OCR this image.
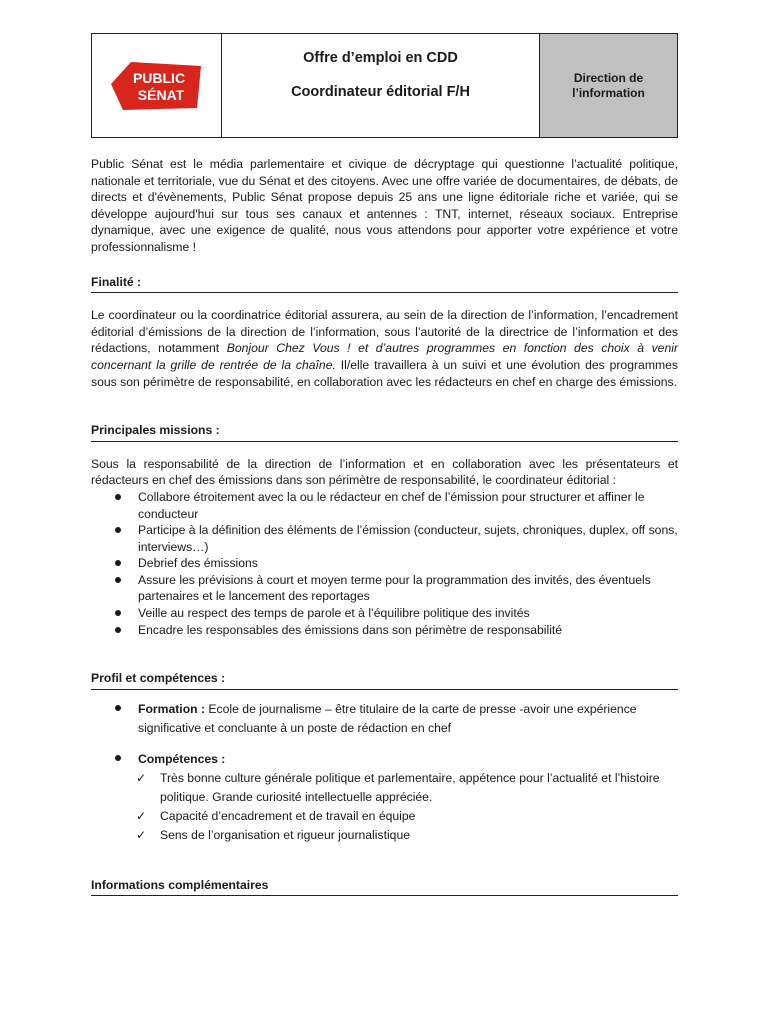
PUBLIC
SÉNAT
Offre d’emploi en CDD
Coordinateur éditorial F/H
Direction de
l’information

Public Sénat est le média parlementaire et civique de décryptage qui questionne l’actualité politique, nationale et territoriale, vue du Sénat et des citoyens. Avec une offre variée de documentaires, de débats, de directs et d'évènements, Public Sénat propose depuis 25 ans une ligne éditoriale riche et variée, qui se développe aujourd'hui sur tous ses canaux et antennes : TNT, internet, réseaux sociaux. Entreprise dynamique, avec une exigence de qualité, nous vous attendons pour apporter votre expérience et votre professionnalisme !

Finalité :

Le coordinateur ou la coordinatrice éditorial assurera, au sein de la direction de l’information, l’encadrement éditorial d’émissions de la direction de l’information, sous l’autorité de la directrice de l’information et des rédactions, notamment Bonjour Chez Vous ! et d’autres programmes en fonction des choix à venir concernant la grille de rentrée de la chaîne. Il/elle travaillera à un suivi et une évolution des programmes sous son périmètre de responsabilité, en collaboration avec les rédacteurs en chef en charge des émissions.

Principales missions :

Sous la responsabilité de la direction de l’information et en collaboration avec les présentateurs et rédacteurs en chef des émissions dans son périmètre de responsabilité, le coordinateur éditorial :

Collabore étroitement avec la ou le rédacteur en chef de l’émission pour structurer et affiner le conducteur
Participe à la définition des éléments de l’émission (conducteur, sujets, chroniques, duplex, off sons, interviews…)
Debrief des émissions
Assure les prévisions à court et moyen terme pour la programmation des invités, des éventuels partenaires et le lancement des reportages
Veille au respect des temps de parole et à l’équilibre politique des invités
Encadre les responsables des émissions dans son périmètre de responsabilité
Profil et compétences :
Formation : Ecole de journalisme – être titulaire de la carte de presse -avoir une expérience significative et concluante à un poste de rédaction en chef
Compétences :
✓ Très bonne culture générale politique et parlementaire, appétence pour l’actualité et l’histoire politique. Grande curiosité intellectuelle appréciée.
✓ Capacité d’encadrement et de travail en équipe
✓ Sens de l’organisation et rigueur journalistique
Informations complémentaires
